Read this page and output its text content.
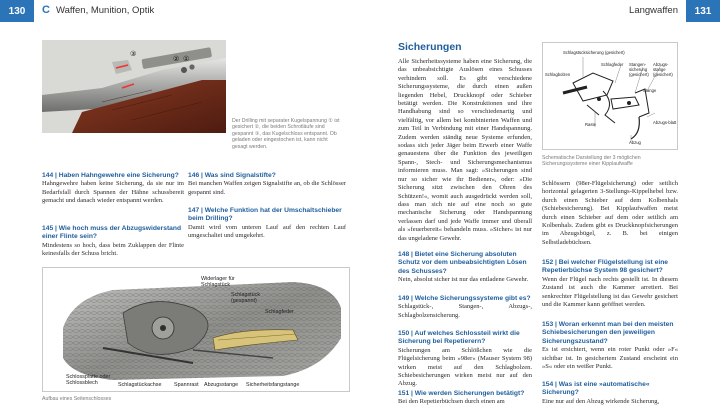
130	C Waffen, Munition, Optik	Langwaffen	131
①
②
③
Der Drilling mit separater Kugelspannung ① ist gesichert ②, die beiden Schrotläufe sind gespannt ③, das Kugelschloss entspannt. Ob geladen oder eingestochen ist, kann nicht gesagt werden.
144 | Haben Hahngewehre eine Sicherung?
Hahngewehre haben keine Sicherung, da sie nur im Bedarfsfall durch Spannen der Hähne schussbereit gemacht und danach wieder entspannt werden.
145 | Wie hoch muss der Abzugswiderstand einer Flinte sein?
Mindestens so hoch, dass beim Zuklappen der Flinte keinesfalls der Schuss bricht.
146 | Was sind Signalstifte?
Bei manchen Waffen zeigen Signalstifte an, ob die Schlösser gespannt sind.
147 | Welche Funktion hat der Umschaltschieber beim Drilling?
Damit wird vom unteren Lauf auf den rechten Lauf umgeschaltet und umgekehrt.
Widerlager für Schlagstück
Schlagstück (gespannt)
Schlagfeder
Schlossplatte oder Schlossblech	Schlagstückachse Spannrast Abzugsstange Sicherheitsfangstange
Aufbau eines Seitenschlosses
Sicherungen
Alle Sicherheitssysteme haben eine Sicherung, die das unbeabsichtigte Auslösen eines Schusses verhindern soll. Es gibt verschiedene Sicherungssysteme, die durch einen außen liegenden Hebel, Druckknopf oder Schieber betätigt werden. Die Konstruktionen und ihre Handhabung sind so verschiedenartig und vielfältig, vor allem bei kombinierten Waffen und zum Teil in Verbindung mit einer Handspannung. Zudem werden ständig neue Systeme erfunden, sodass sich jeder Jäger beim Erwerb einer Waffe genauestens über die Funktion des jeweiligen Spann-, Stech- und Sicherungsmechanismus informieren muss. Man sagt: »Sicherungen sind nur so sicher wie ihr Bediener«, oder: »Die Sicherung sitzt zwischen den Ohren des Schützen!«, womit auch ausgedrückt werden soll, dass man sich nie auf eine noch so gute mechanische Sicherung oder Handspannung verlassen darf und jede Waffe immer und überall als »feuerbereit« behandeln muss. »Sicher« ist nur das ungeladene Gewehr.
148 | Bietet eine Sicherung absoluten Schutz vor dem unbeabsichtigten Lösen des Schusses?
Nein, absolut sicher ist nur das entladene Gewehr.
149 | Welche Sicherungssysteme gibt es?
Schlagstück-, Stangen-, Abzugs-, Schlagbolzensicherung.
150 | Auf welches Schlossteil wirkt die Sicherung bei Repetierern?
Sicherungen am Schlößchen wie die Flügelsicherung beim »98er« (Mauser System 98) wirken meist auf den Schlagbolzen. Schiebesicherungen wirken meist nur auf den Abzug.
151 | Wie werden Sicherungen betätigt?
Bei den Repetierbüchsen durch einen am
Schlagstücksicherung (gesichert)
Schlagbolzen
Schlagfeder Stangen-sicherung (gesichert)
Abzugs-stange (gesichert)
Stange
Raste
Abzug
Abzugs-blatt
Schematische Darstellung der 3 möglichen Sicherungssysteme einer Kipplaufwaffe
Schlössern (98er-Flügelsicherung) oder seitlich horizontal gelagerten 3-Stellungs-Kippelhebel bzw. durch einen Schieber auf dem Kolbenhals (Schiebesicherung). Bei Kipplaufwaffen meist durch einen Schieber auf dem oder seitlich am Kolbenhals. Zudem gibt es Druckknopfsicherungen im Abzugsbügel, z. B. bei einigen Selbstladebüchsen.
152 | Bei welcher Flügelstellung ist eine Repetierbüchse System 98 gesichert?
Wenn der Flügel nach rechts gestellt ist. In diesem Zustand ist auch die Kammer arretiert. Bei senkrechter Flügelstellung ist das Gewehr gesichert und die Kammer kann geöffnet werden.
153 | Woran erkennt man bei den meisten Schiebesicherungen den jeweiligen Sicherungszustand?
Es ist ersichtert, wenn ein roter Punkt oder »F« sichtbar ist. In gesichertem Zustand erscheint ein »S« oder ein weißer Punkt.
154 | Was ist eine »automatische« Sicherung?
Eine nur auf den Abzug wirkende Sicherung,
